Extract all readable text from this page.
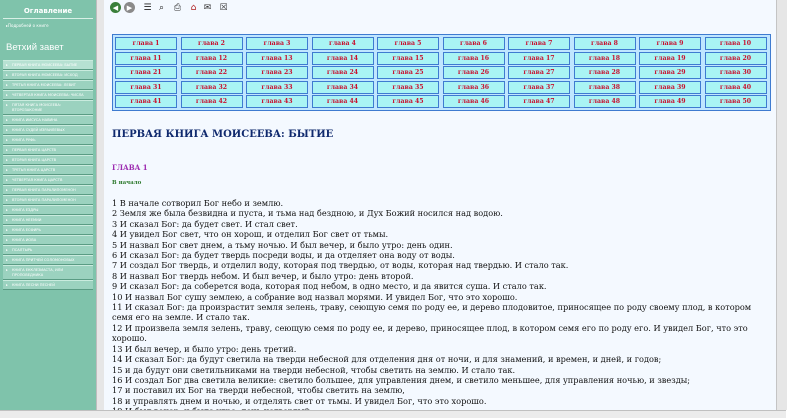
Оглавление
▸ Подробней о книге
Ветхий завет
▸ ПЕРВАЯ КНИГА МОИСЕЕВА: БЫТИЕ
▸ ВТОРАЯ КНИГА МОИСЕЕВА: ИСХОД
▸ ТРЕТЬЯ КНИГА МОИСЕЕВА: ЛЕВИТ
▸ ЧЕТВЕРТАЯ КНИГА МОИСЕЕВА: ЧИСЛА
▸ ПЯТАЯ КНИГА МОИСЕЕВА: ВТОРОЗАКОНИЕ
▸ КНИГА ИИСУСА НАВИНА
▸ КНИГА СУДЕЙ ИЗРАИЛЕВЫХ
▸ КНИГА РУФЬ
▸ ПЕРВАЯ КНИГА ЦАРСТВ
▸ ВТОРАЯ КНИГА ЦАРСТВ
▸ ТРЕТЬЯ КНИГА ЦАРСТВ
▸ ЧЕТВЕРТАЯ КНИГА ЦАРСТВ
▸ ПЕРВАЯ КНИГА ПАРАЛИПОМЕНОН
▸ ВТОРАЯ КНИГА ПАРАЛИПОМЕНОН
▸ КНИГА ЕЗДРЫ
▸ КНИГА НЕЕМИИ
▸ КНИГА ЕСФИРЬ
▸ КНИГА ИОВА
▸ ПСАЛТЫРЬ
▸ КНИГА ПРИТЧЕЙ СОЛОМОНОВЫХ
▸ КНИГА ЕККЛЕЗИАСТА, ИЛИ ПРОПОВЕДНИКА
▸ КНИГА ПЕСНИ ПЕСНЕЙ
◀	▶	☰ ⌕	⎙ ⌂ ✉ ☒
глава 1	глава 2	глава 3	глава 4	глава 5	глава 6	глава 7	глава 8	глава 9	глава 10
глава 11	глава 12	глава 13	глава 14	глава 15	глава 16	глава 17	глава 18	глава 19	глава 20
глава 21	глава 22	глава 23	глава 24	глава 25	глава 26	глава 27	глава 28	глава 29	глава 30
глава 31	глава 32	глава 33	глава 34	глава 35	глава 36	глава 37	глава 38	глава 39	глава 40
глава 41	глава 42	глава 43	глава 44	глава 45	глава 46	глава 47	глава 48	глава 49	глава 50
ПЕРВАЯ КНИГА МОИСЕЕВА: БЫТИЕ
ГЛАВА 1
В начало
1 В начале сотворил Бог небо и землю.
2 Земля же была безвидна и пуста, и тьма над бездною, и Дух Божий носился над водою.
3 И сказал Бог: да будет свет. И стал свет.
4 И увидел Бог свет, что он хорош, и отделил Бог свет от тьмы.
5 И назвал Бог свет днем, а тьму ночью. И был вечер, и было утро: день один.
6 И сказал Бог: да будет твердь посреди воды, и да отделяет она воду от воды.
7 И создал Бог твердь, и отделил воду, которая под твердью, от воды, которая над твердью. И стало так.
8 И назвал Бог твердь небом. И был вечер, и было утро: день второй.
9 И сказал Бог: да соберется вода, которая под небом, в одно место, и да явится суша. И стало так.
10 И назвал Бог сушу землею, а собрание вод назвал морями. И увидел Бог, что это хорошо.
11 И сказал Бог: да произрастит земля зелень, траву, сеющую семя по роду ее, и дерево плодовитое, приносящее по роду своему плод, в котором семя его на земле. И стало так.
12 И произвела земля зелень, траву, сеющую семя по роду ее, и дерево, приносящее плод, в котором семя его по роду его. И увидел Бог, что это хорошо.
13 И был вечер, и было утро: день третий.
14 И сказал Бог: да будут светила на тверди небесной для отделения дня от ночи, и для знамений, и времен, и дней, и годов;
15 и да будут они светильниками на тверди небесной, чтобы светить на землю. И стало так.
16 И создал Бог два светила великие: светило большее, для управления днем, и светило меньшее, для управления ночью, и звезды;
17 и поставил их Бог на тверди небесной, чтобы светить на землю,
18 и управлять днем и ночью, и отделять свет от тьмы. И увидел Бог, что это хорошо.
